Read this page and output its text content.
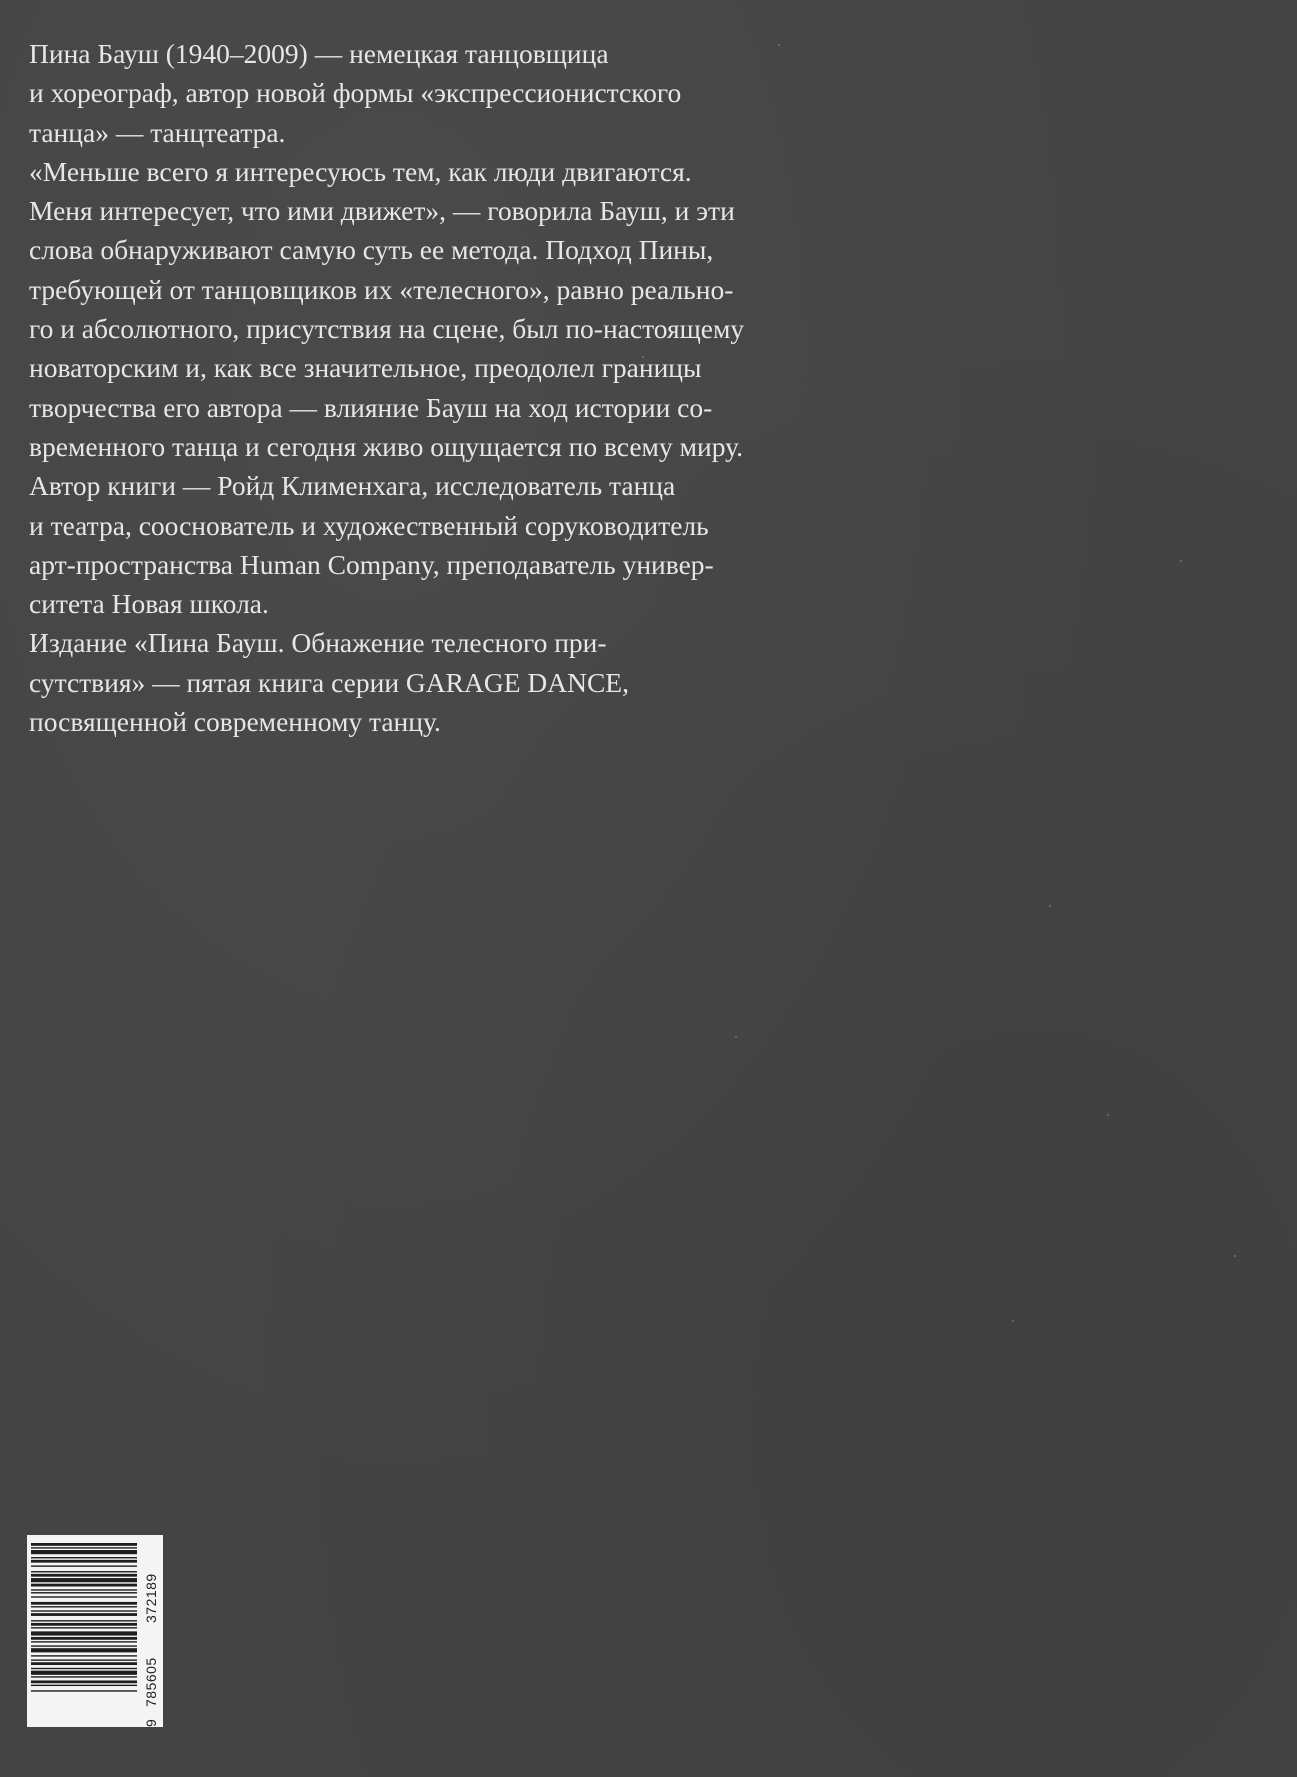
Пина Бауш (1940–2009) — немецкая танцовщица
и хореограф, автор новой формы «экспрессионистского
танца» — танцтеатра.
«Меньше всего я интересуюсь тем, как люди двигаются.
Меня интересует, что ими движет», — говорила Бауш, и эти
слова обнаруживают самую суть ее метода. Подход Пины,
требующей от танцовщиков их «телесного», равно реально-
го и абсолютного, присутствия на сцене, был по-настоящему
новаторским и, как все значительное, преодолел границы
творчества его автора — влияние Бауш на ход истории со-
временного танца и сегодня живо ощущается по всему миру.
Автор книги — Ройд Клименхага, исследователь танца
и театра, сооснователь и художественный соруководитель
арт-пространства Human Company, преподаватель универ-
ситета Новая школа.
Издание «Пина Бауш. Обнажение телесного при-
сутствия» — пятая книга серии GARAGE DANCE,
посвященной современному танцу.
372189
785605
9
